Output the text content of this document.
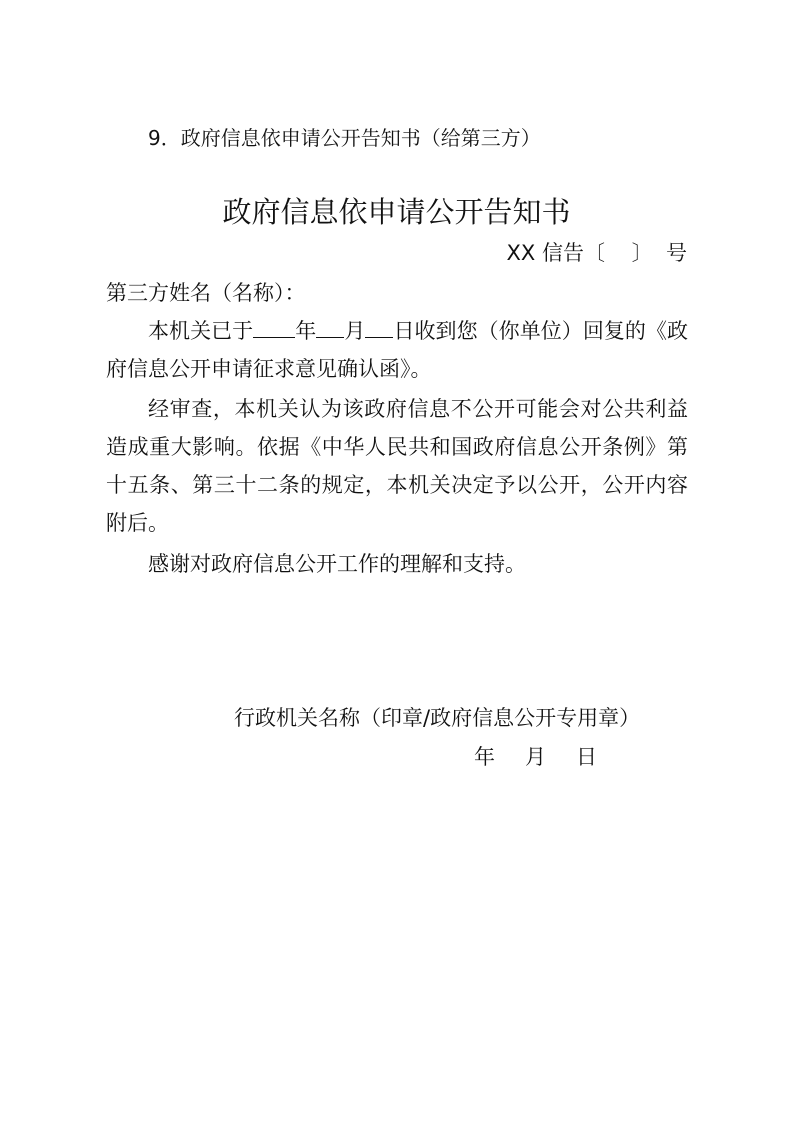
9．政府信息依申请公开告知书（给第三方）
政府信息依申请公开告知书
XX 信告〔    〕  号
第三方姓名（名称）：

本机关已于 年 月 日收到您（你单位）回复的《政府信息公开申请征求意见确认函》。

经审查，本机关认为该政府信息不公开可能会对公共利益造成重大影响。依据《中华人民共和国政府信息公开条例》第十五条、第三十二条的规定，本机关决定予以公开，公开内容附后。

感谢对政府信息公开工作的理解和支持。

行政机关名称（印章/政府信息公开专用章）
年 月 日
